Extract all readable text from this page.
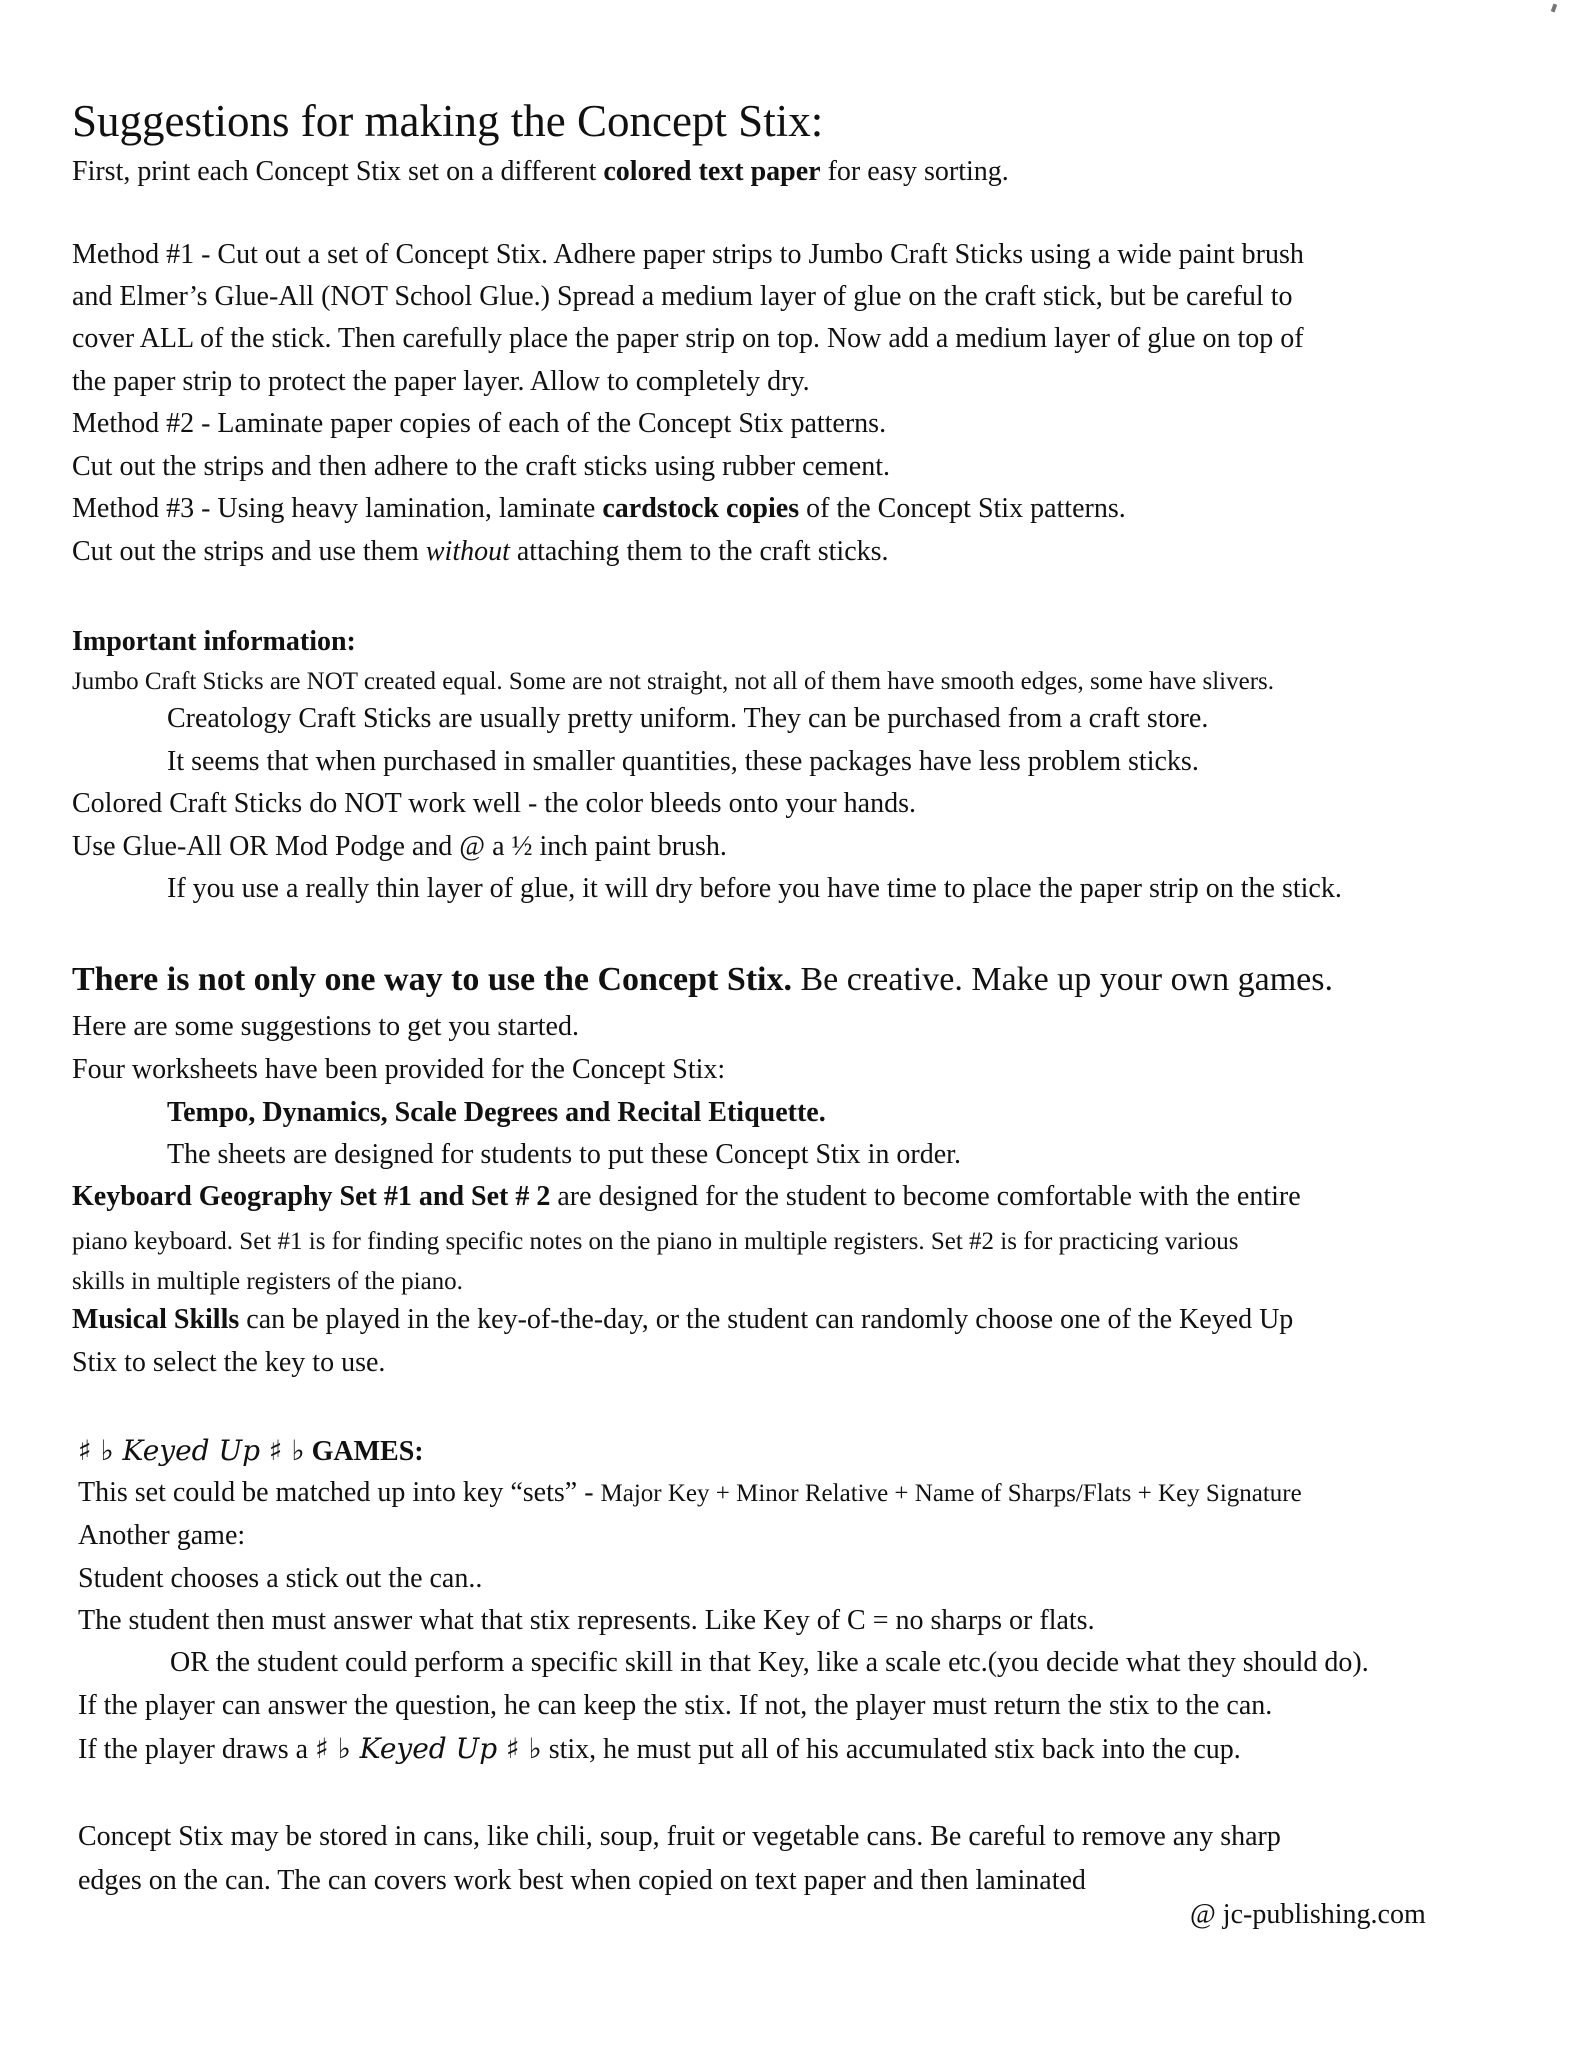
Suggestions for making the Concept Stix:
First, print each Concept Stix set on a different colored text paper for easy sorting.
Method #1 - Cut out a set of Concept Stix. Adhere paper strips to Jumbo Craft Sticks using a wide paint brush
and Elmer’s Glue-All (NOT School Glue.) Spread a medium layer of glue on the craft stick, but be careful to
cover ALL of the stick. Then carefully place the paper strip on top. Now add a medium layer of glue on top of
the paper strip to protect the paper layer. Allow to completely dry.
Method #2 - Laminate paper copies of each of the Concept Stix patterns.
Cut out the strips and then adhere to the craft sticks using rubber cement.
Method #3 - Using heavy lamination, laminate cardstock copies of the Concept Stix patterns.
Cut out the strips and use them without attaching them to the craft sticks.
Important information:
Jumbo Craft Sticks are NOT created equal. Some are not straight, not all of them have smooth edges, some have slivers.
Creatology Craft Sticks are usually pretty uniform. They can be purchased from a craft store.
It seems that when purchased in smaller quantities, these packages have less problem sticks.
Colored Craft Sticks do NOT work well - the color bleeds onto your hands.
Use Glue-All OR Mod Podge and @ a ½ inch paint brush.
If you use a really thin layer of glue, it will dry before you have time to place the paper strip on the stick.
There is not only one way to use the Concept Stix. Be creative. Make up your own games.
Here are some suggestions to get you started.
Four worksheets have been provided for the Concept Stix:
Tempo, Dynamics, Scale Degrees and Recital Etiquette.
The sheets are designed for students to put these Concept Stix in order.
Keyboard Geography Set #1 and Set # 2 are designed for the student to become comfortable with the entire
piano keyboard. Set #1 is for finding specific notes on the piano in multiple registers. Set #2 is for practicing various
skills in multiple registers of the piano.
Musical Skills can be played in the key-of-the-day, or the student can randomly choose one of the Keyed Up
Stix to select the key to use.
♯ ♭ Keyed Up ♯ ♭ GAMES:
This set could be matched up into key “sets” - Major Key + Minor Relative + Name of Sharps/Flats + Key Signature
Another game:
Student chooses a stick out the can..
The student then must answer what that stix represents. Like Key of C = no sharps or flats.
OR the student could perform a specific skill in that Key, like a scale etc.(you decide what they should do).
If the player can answer the question, he can keep the stix. If not, the player must return the stix to the can.
If the player draws a ♯ ♭ Keyed Up ♯ ♭ stix, he must put all of his accumulated stix back into the cup.
Concept Stix may be stored in cans, like chili, soup, fruit or vegetable cans. Be careful to remove any sharp
edges on the can. The can covers work best when copied on text paper and then laminated
@ jc-publishing.com
